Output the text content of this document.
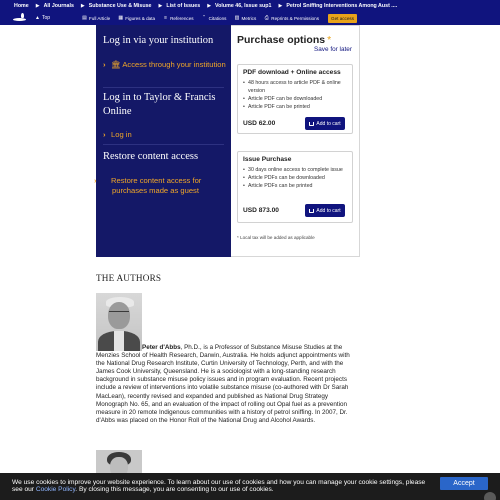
Home ▶ All Journals ▶ Substance Use & Misuse ▶ List of Issues ▶ Volume 46, Issue sup1 ▶ Petrol Sniffing Interventions Among Aust ....
▲ Top	▤ Full Article ▦ Figures & data ≡ References	“ Citations ▥ Metrics ⎙ Reprints & Permissions	Get access
Log in via your institution
› 🏛 Access through your institution
Log in to Taylor & Francis Online
› Log in
Restore content access
› Restore content access for purchases made as guest
Purchase options *
Save for later
PDF download + Online access
• 48 hours access to article PDF & online version
• Article PDF can be downloaded
• Article PDF can be printed
USD 62.00	Add to cart
Issue Purchase
• 30 days online access to complete issue
• Article PDFs can be downloaded
• Article PDFs can be printed
USD 873.00	Add to cart
* Local tax will be added as applicable
THE AUTHORS
Peter d'Abbs, Ph.D., is a Professor of Substance Misuse Studies at the Menzies School of Health Research, Darwin, Australia. He holds adjunct appointments with the National Drug Research Institute, Curtin University of Technology, Perth, and with the James Cook University, Queensland. He is a sociologist with a long-standing research background in substance misuse policy issues and in program evaluation. Recent projects include a review of interventions into volatile substance misuse (co-authored with Dr Sarah MacLean), recently revised and expanded and published as National Drug Strategy Monograph No. 65, and an evaluation of the impact of rolling out Opal fuel as a prevention measure in 20 remote Indigenous communities with a history of petrol sniffing. In 2007, Dr. d'Abbs was placed on the Honor Roll of the National Drug and Alcohol Awards.
We use cookies to improve your website experience. To learn about our use of cookies and how you can manage your cookie settings, please see our Cookie Policy. By closing this message, you are consenting to our use of cookies.
Accept
